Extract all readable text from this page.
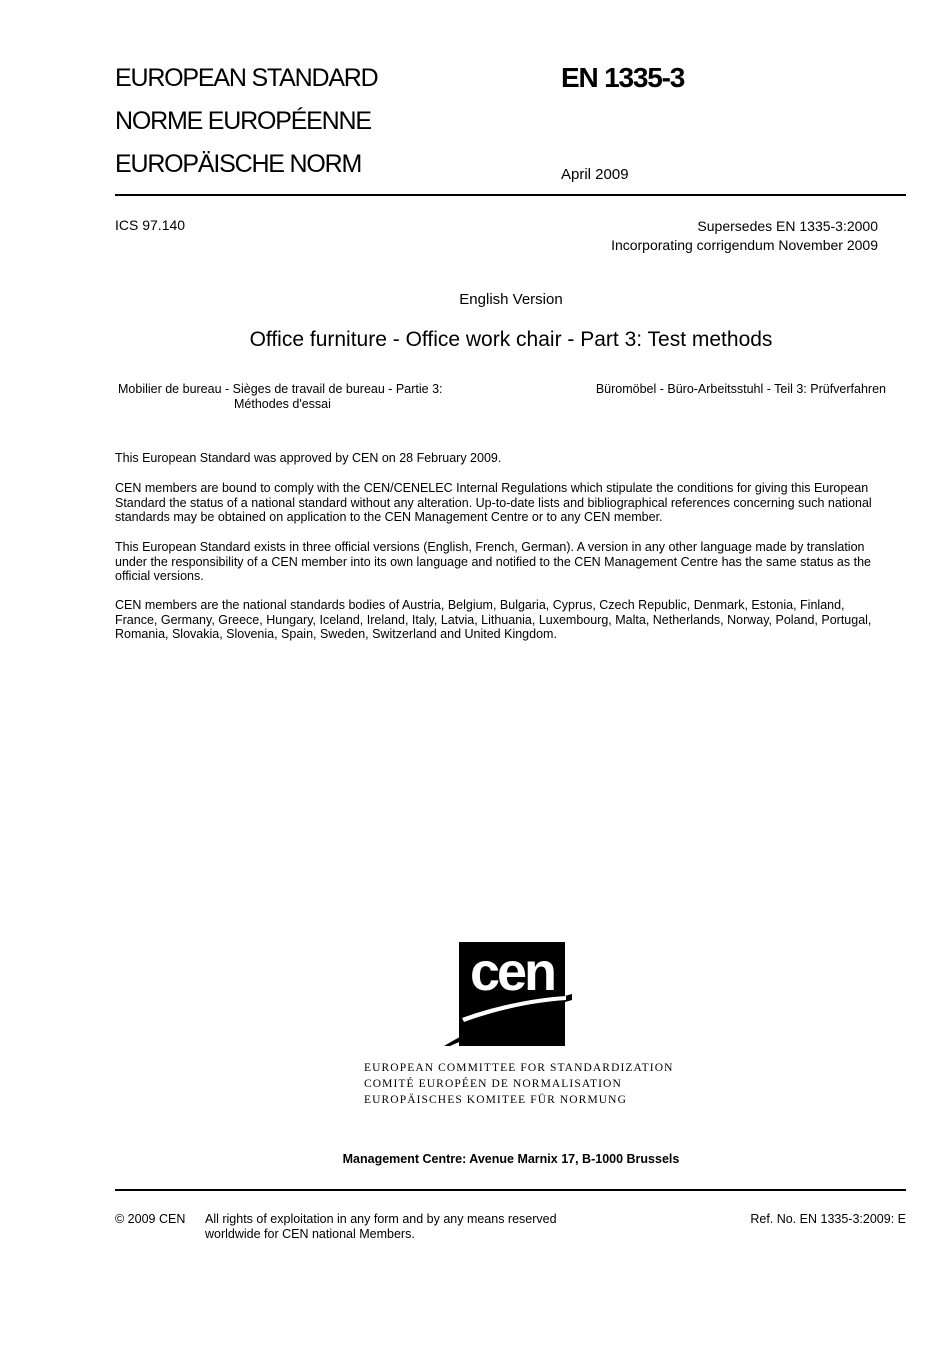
EUROPEAN STANDARD
NORME EUROPÉENNE
EUROPÄISCHE NORM
EN 1335-3
April 2009
ICS 97.140	Supersedes EN 1335-3:2000
Incorporating corrigendum November 2009
English Version
Office furniture - Office work chair - Part 3: Test methods
Mobilier de bureau - Sièges de travail de bureau - Partie 3:
Méthodes d'essai
Büromöbel - Büro-Arbeitsstuhl - Teil 3: Prüfverfahren
This European Standard was approved by CEN on 28 February 2009.
CEN members are bound to comply with the CEN/CENELEC Internal Regulations which stipulate the conditions for giving this European
Standard the status of a national standard without any alteration. Up-to-date lists and bibliographical references concerning such national
standards may be obtained on application to the CEN Management Centre or to any CEN member.
This European Standard exists in three official versions (English, French, German). A version in any other language made by translation
under the responsibility of a CEN member into its own language and notified to the CEN Management Centre has the same status as the
official versions.
CEN members are the national standards bodies of Austria, Belgium, Bulgaria, Cyprus, Czech Republic, Denmark, Estonia, Finland,
France, Germany, Greece, Hungary, Iceland, Ireland, Italy, Latvia, Lithuania, Luxembourg, Malta, Netherlands, Norway, Poland, Portugal,
Romania, Slovakia, Slovenia, Spain, Sweden, Switzerland and United Kingdom.
cen
EUROPEAN COMMITTEE FOR STANDARDIZATION
COMITÉ EUROPÉEN DE NORMALISATION
EUROPÄISCHES KOMITEE FÜR NORMUNG
Management Centre: Avenue Marnix 17, B-1000 Brussels
© 2009 CEN All rights of exploitation in any form and by any means reserved
worldwide for CEN national Members.
Ref. No. EN 1335-3:2009: E
